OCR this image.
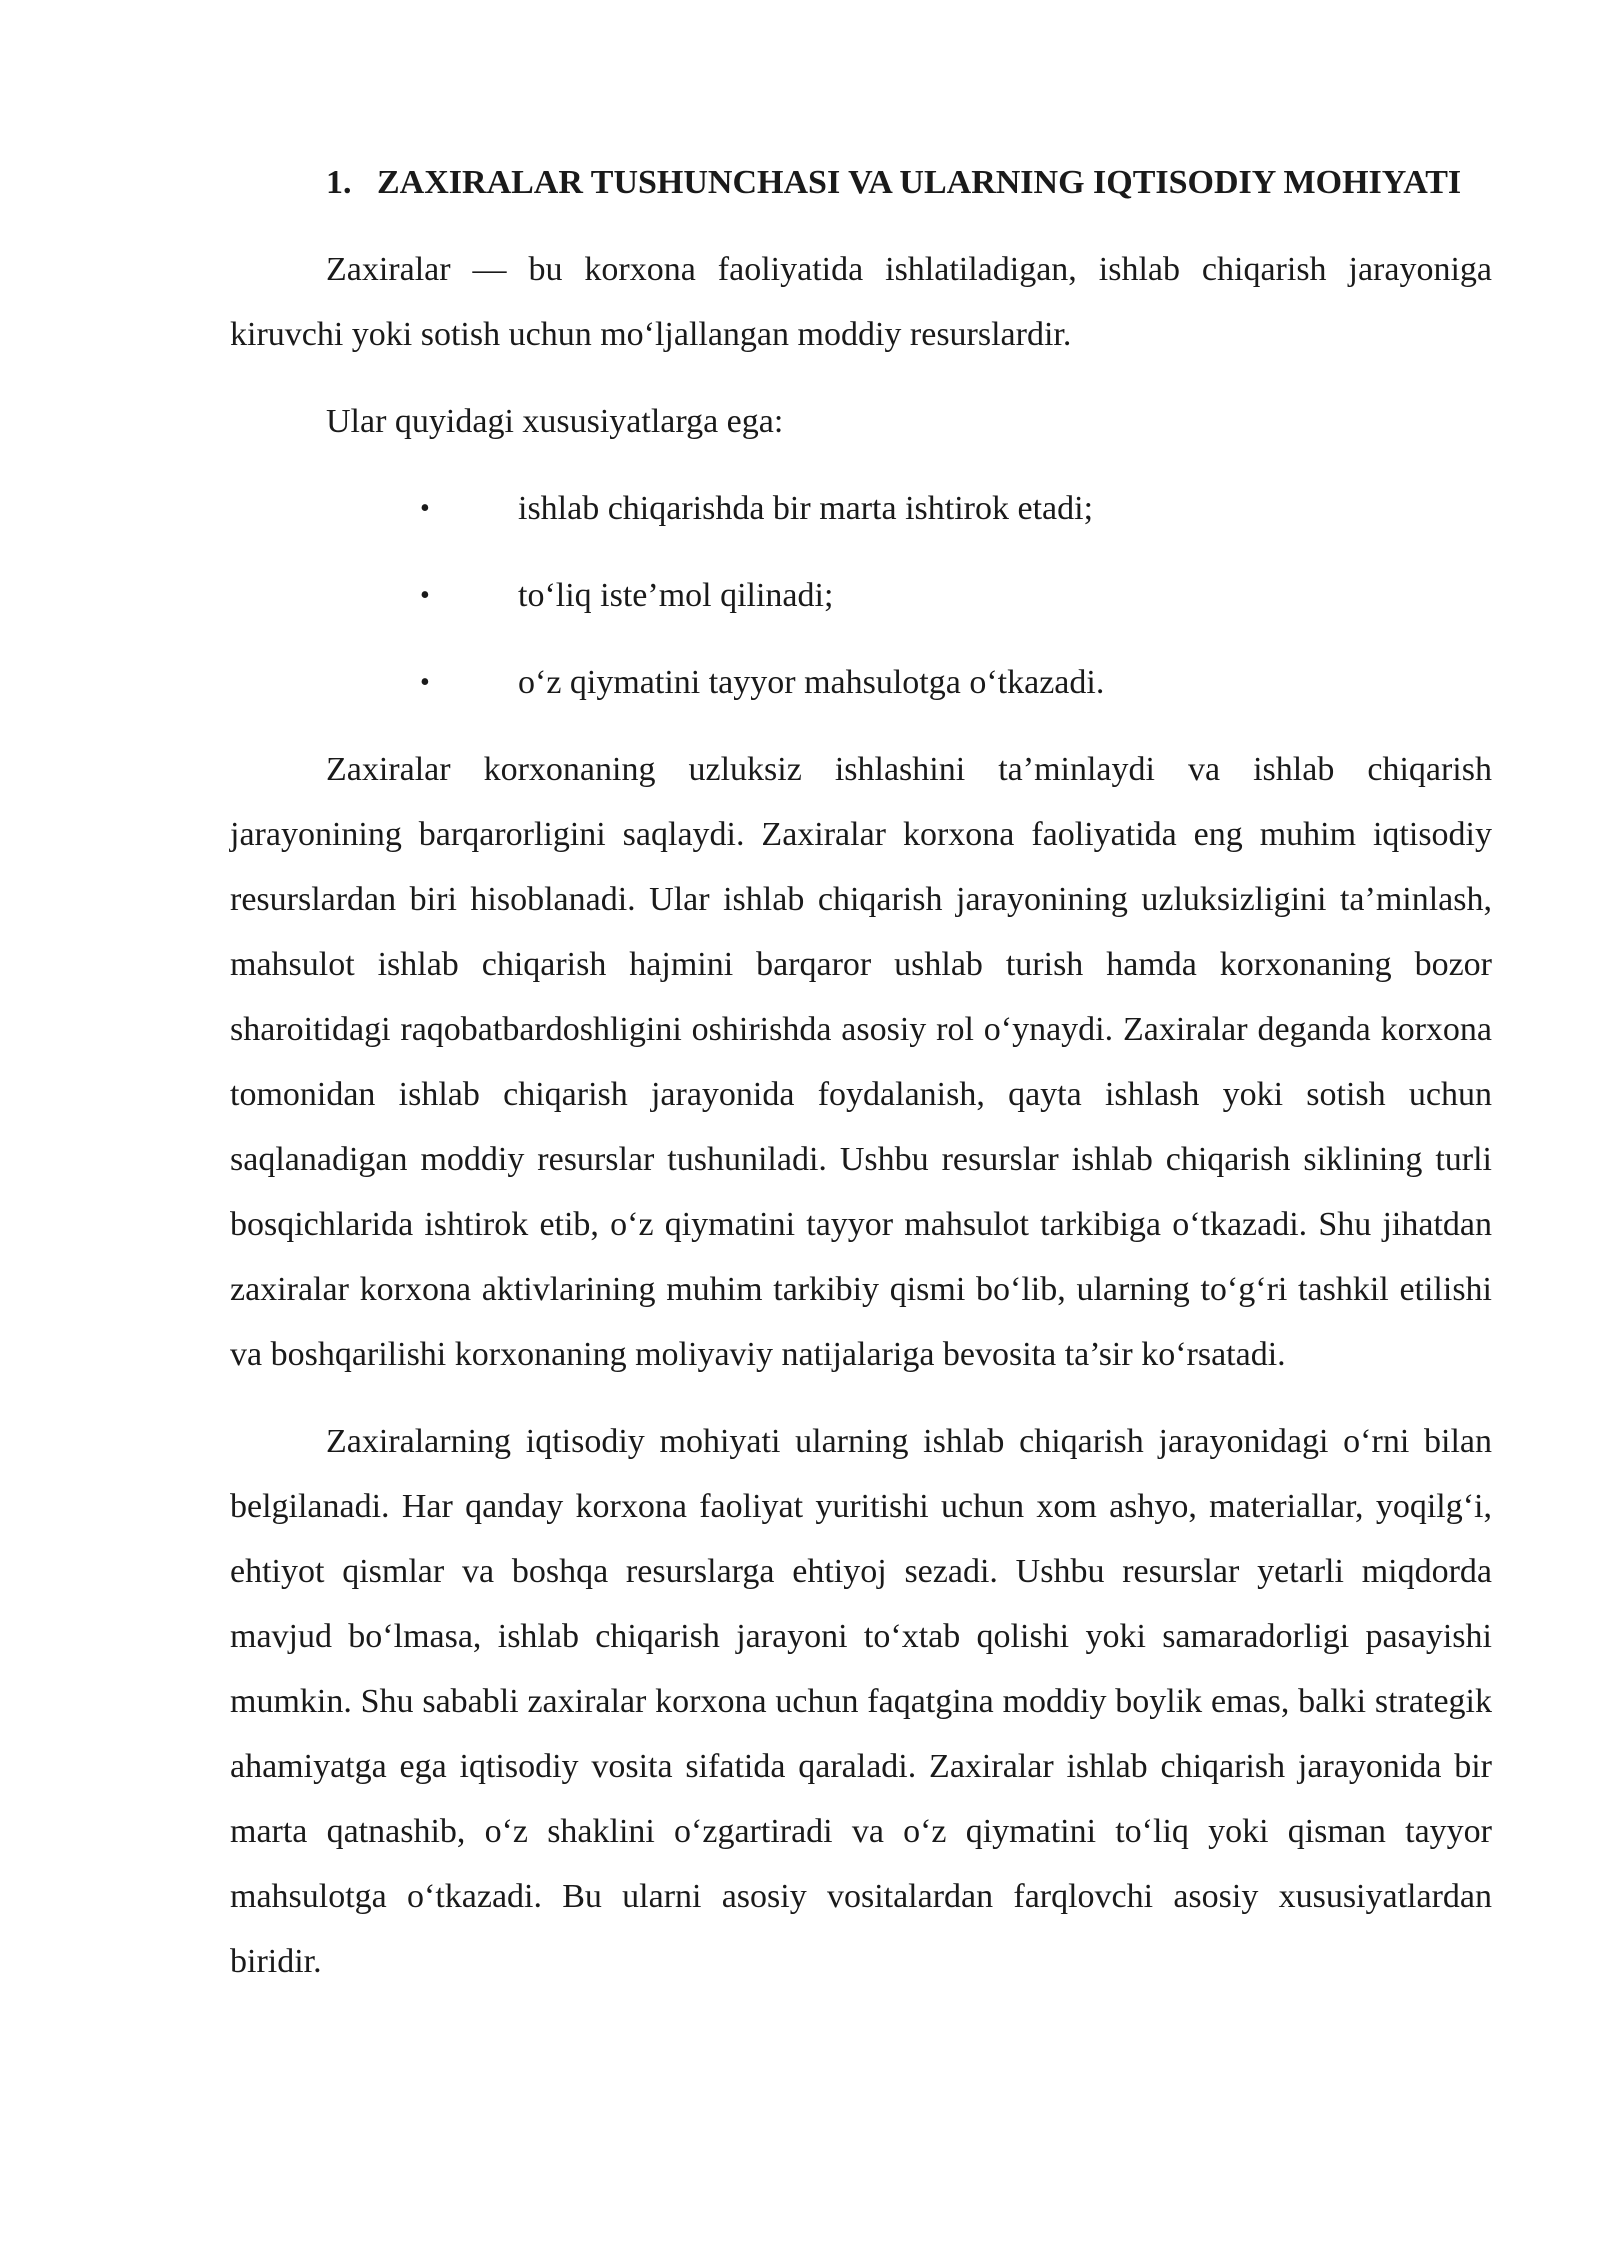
1. ZAXIRALAR TUSHUNCHASI VA ULARNING IQTISODIY MOHIYATI

Zaxiralar — bu korxona faoliyatida ishlatiladigan, ishlab chiqarish jarayoniga kiruvchi yoki sotish uchun mo‘ljallangan moddiy resurslardir.

Ular quyidagi xususiyatlarga ega:

•	ishlab chiqarishda bir marta ishtirok etadi;
•	to‘liq iste’mol qilinadi;
•	o‘z qiymatini tayyor mahsulotga o‘tkazadi.

Zaxiralar korxonaning uzluksiz ishlashini ta’minlaydi va ishlab chiqarish jarayonining barqarorligini saqlaydi. Zaxiralar korxona faoliyatida eng muhim iqtisodiy resurslardan biri hisoblanadi. Ular ishlab chiqarish jarayonining uzluksizligini ta’minlash, mahsulot ishlab chiqarish hajmini barqaror ushlab turish hamda korxonaning bozor sharoitidagi raqobatbardoshligini oshirishda asosiy rol o‘ynaydi. Zaxiralar deganda korxona tomonidan ishlab chiqarish jarayonida foydalanish, qayta ishlash yoki sotish uchun saqlanadigan moddiy resurslar tushuniladi. Ushbu resurslar ishlab chiqarish siklining turli bosqichlarida ishtirok etib, o‘z qiymatini tayyor mahsulot tarkibiga o‘tkazadi. Shu jihatdan zaxiralar korxona aktivlarining muhim tarkibiy qismi bo‘lib, ularning to‘g‘ri tashkil etilishi va boshqarilishi korxonaning moliyaviy natijalariga bevosita ta’sir ko‘rsatadi.

Zaxiralarning iqtisodiy mohiyati ularning ishlab chiqarish jarayonidagi o‘rni bilan belgilanadi. Har qanday korxona faoliyat yuritishi uchun xom ashyo, materiallar, yoqilg‘i, ehtiyot qismlar va boshqa resurslarga ehtiyoj sezadi. Ushbu resurslar yetarli miqdorda mavjud bo‘lmasa, ishlab chiqarish jarayoni to‘xtab qolishi yoki samaradorligi pasayishi mumkin. Shu sababli zaxiralar korxona uchun faqatgina moddiy boylik emas, balki strategik ahamiyatga ega iqtisodiy vosita sifatida qaraladi. Zaxiralar ishlab chiqarish jarayonida bir marta qatnashib, o‘z shaklini o‘zgartiradi va o‘z qiymatini to‘liq yoki qisman tayyor mahsulotga o‘tkazadi. Bu ularni asosiy vositalardan farqlovchi asosiy xususiyatlardan biridir.
